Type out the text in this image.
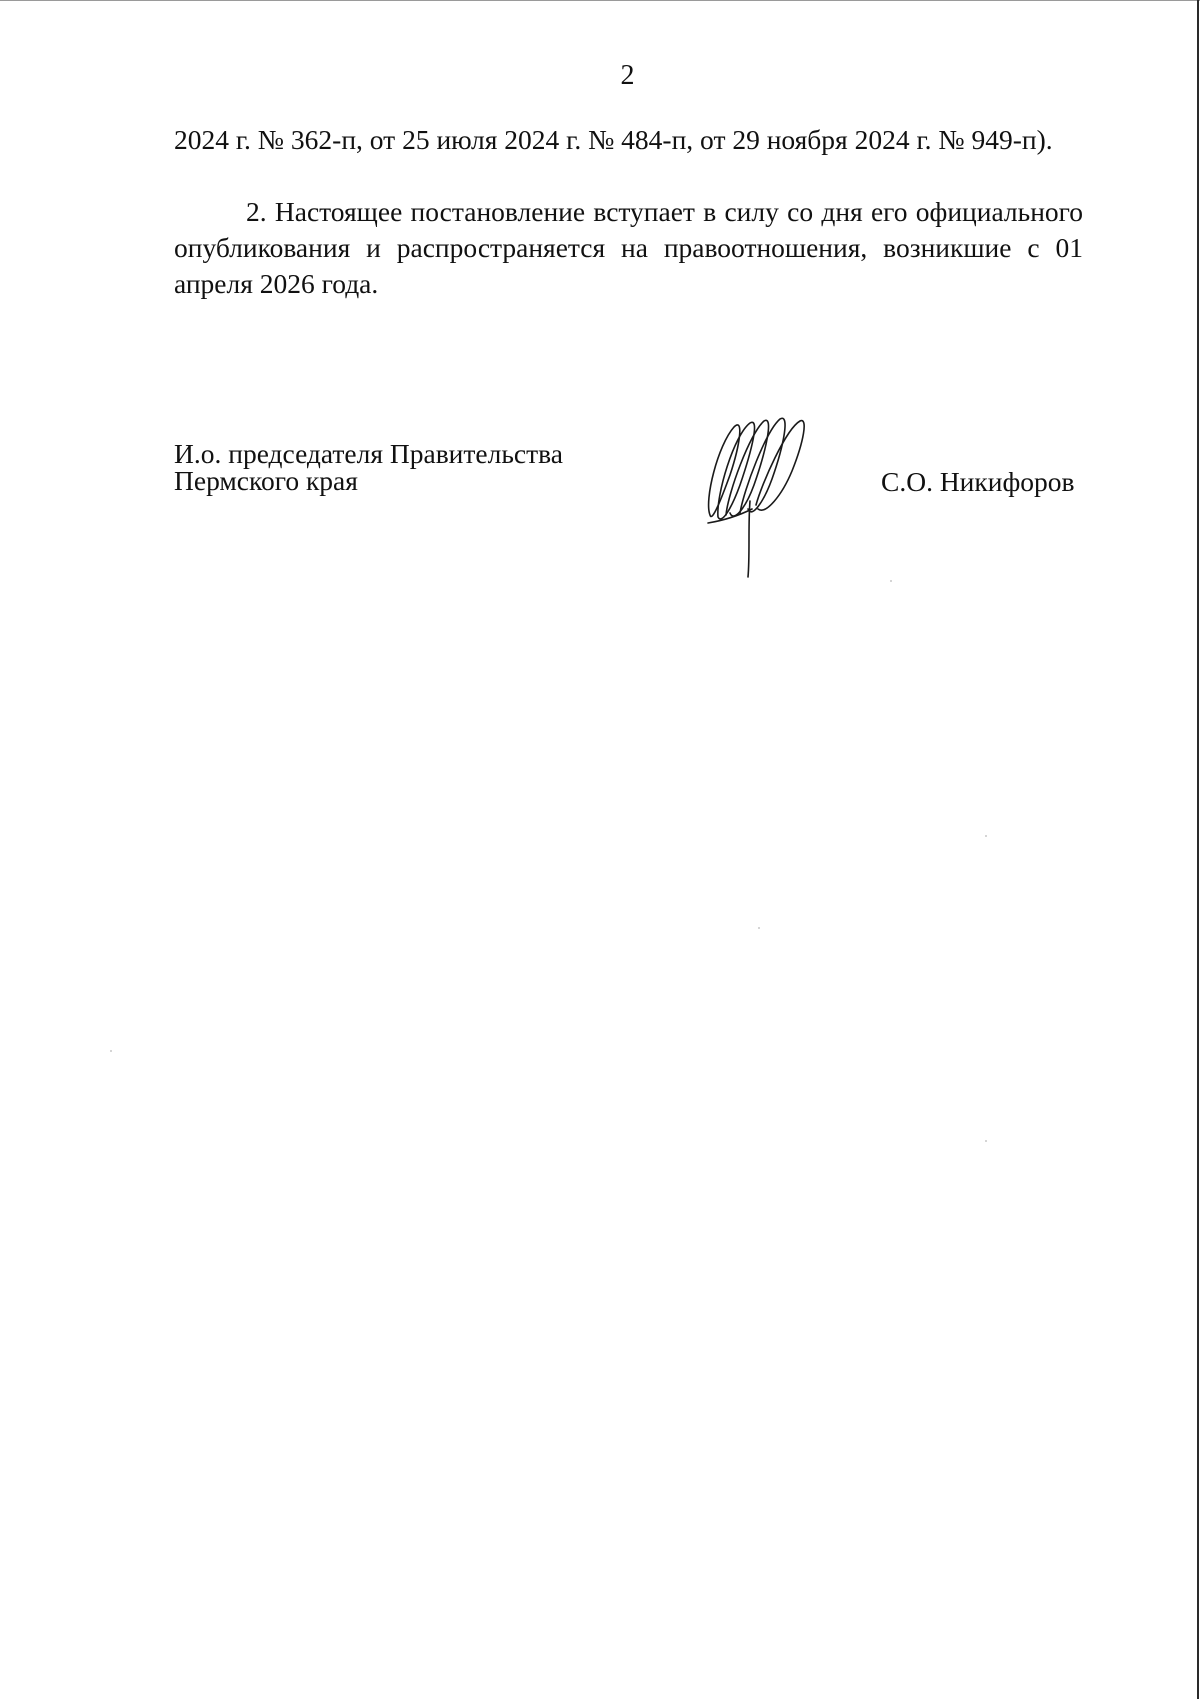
2

2024 г. № 362-п, от 25 июля 2024 г. № 484-п, от 29 ноября 2024 г. № 949-п).

2. Настоящее постановление вступает в силу со дня его официального опубликования и распространяется на правоотношения, возникшие с 01 апреля 2026 года.

И.о. председателя Правительства
Пермского края	С.О. Никифоров
